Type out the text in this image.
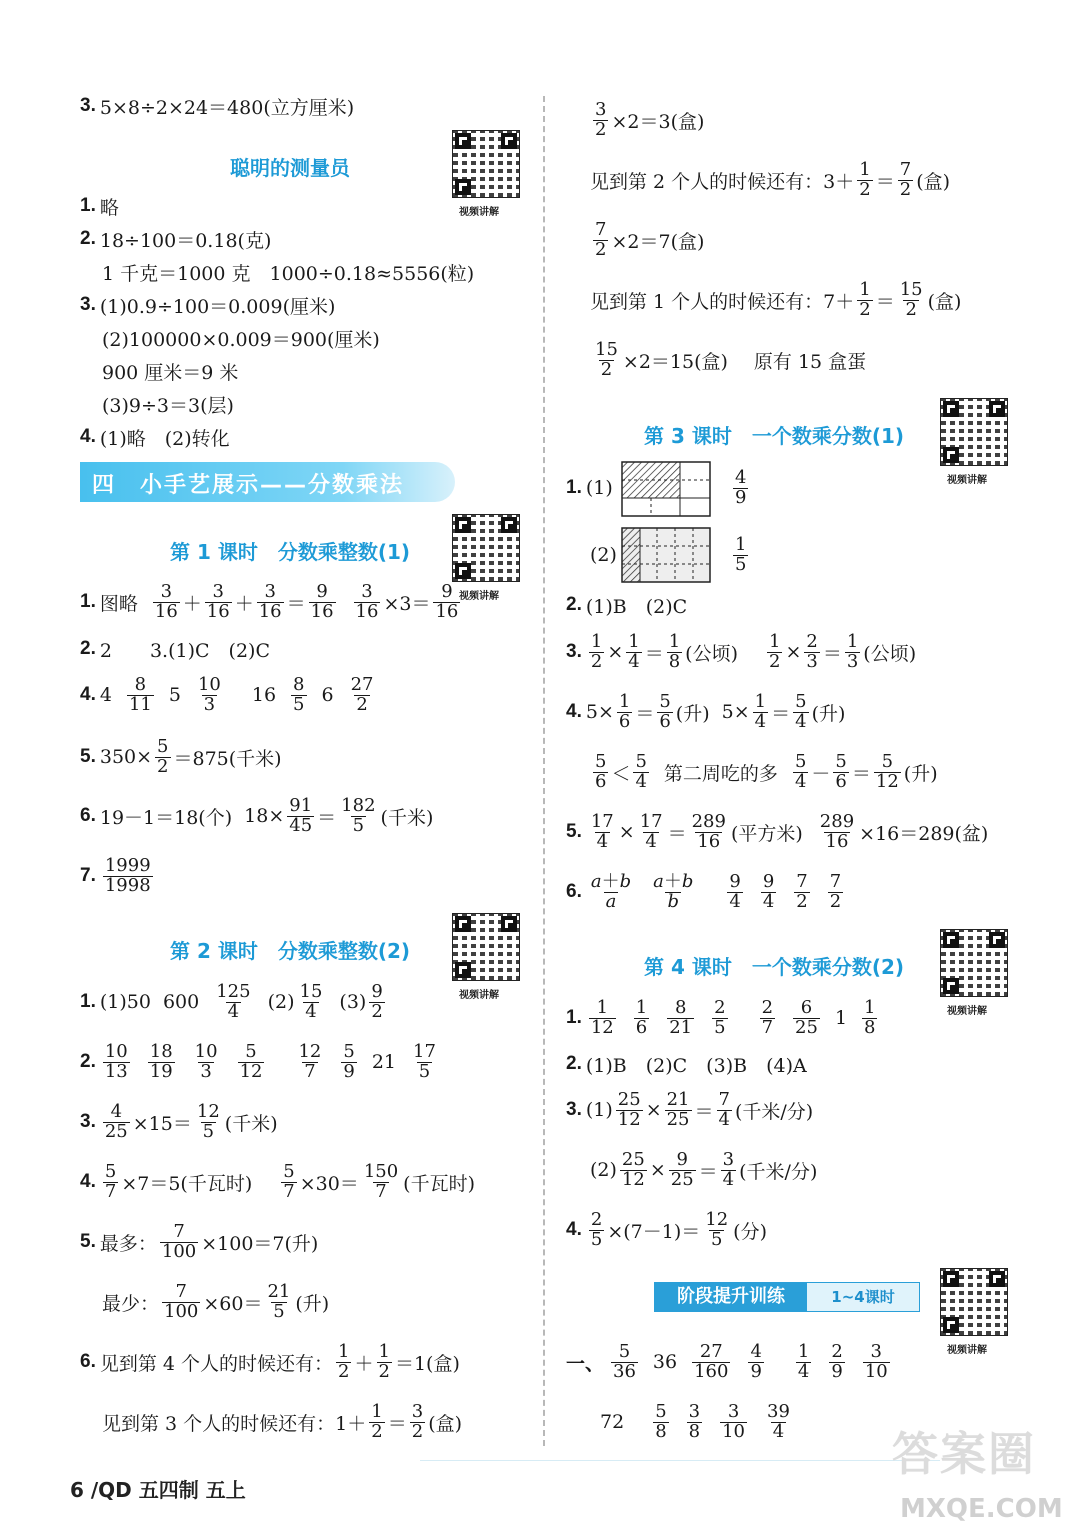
3. 5×8÷2×24＝480(立方厘米)
聪明的测量员
视频讲解
1. 略
2. 18÷100＝0.18(克)
1 千克＝1000 克　1000÷0.18≈5556(粒)
3. (1)0.9÷100＝0.009(厘米)
(2)100000×0.009＝900(厘米)
900 厘米＝9 米
(3)9÷3＝3(层)
4. (1)略　(2)转化
四　小手艺展示——分数乘法
第 1 课时　分数乘整数(1)
视频讲解
1. 图略
3
16 ＋
3
16 ＋
3
16 ＝
9
16
3
16 ×3＝
9
16
2. 2　　3.(1)C　(2)C
4. 4 8
11 5 10
3 16 8
5 6 27
2
5. 350× 5
2 ＝875(千米)
6. 19－1＝18(个) 18× 91
45 ＝
182
5 (千米)
7. 1999
1998
第 2 课时　分数乘整数(2)
视频讲解
1. (1)50 600 125
4 (2) 15
4 (3) 9
2
2. 10
13
18
19
10
3
5
12
12
7
5
9 21 17
5
3. 4
25 ×15＝
12
5 (千米)
4. 5
7 ×7＝5(千瓦时)
5
7 ×30＝
150
7 (千瓦时)
5. 最多：
7
100 ×100＝7(升)
最少：
7
100 ×60＝
21
5 (升)
6. 见到第 4 个人的时候还有：
1
2 ＋
1
2 ＝1 (盒)
见到第 3 个人的时候还有：1＋
1
2 ＝
3
2 (盒)
3
2 ×2＝3 (盒)
见到第 2 个人的时候还有：3＋
1
2 ＝
7
2 (盒)
7
2 ×2＝7 (盒)
见到第 1 个人的时候还有：7＋
1
2 ＝
15
2 (盒)
15
2 ×2＝15 (盒) 原有 15 盒蛋
第 3 课时　一个数乘分数(1)
视频讲解
1. (1)	4
9
(2)	1
5
2. (1)B　(2)C
3. 1
2 × 1
4 ＝
1
8 (公顷)
1
2 × 2
3 ＝
1
3 (公顷)
4. 5× 1
6 ＝
5
6 (升)
5× 1
4 ＝
5
4 (升)
5
6 ＜
5
4 第二周吃的多
5
4 －
5
6 ＝
5
12 (升)
5. 17
4 × 17
4 ＝
289
16 (平方米)
289
16 ×16＝289(盆)
6. a＋b
a
a＋b
b
9
4
9
4
7
2
7
2
第 4 课时　一个数乘分数(2)
视频讲解
1. 1
12
1
6
8
21
2
5
2
7
6
25 1 1
8
2. (1)B　(2)C　(3)B　(4)A
3. (1) 25
12 × 21
25 ＝
7
4 (千米/分)
(2) 25
12 × 9
25 ＝
3
4 (千米/分)
4. 2
5 ×(7－1)＝
12
5 (分)
阶段提升训练	1~4课时
视频讲解
一、
5
36 36 27
160
4
9
1
4
2
9
3
10
72 5
8
3
8
3
10
39
4
6 /QD 五四制 五上
答案圈
MXQE.COM
